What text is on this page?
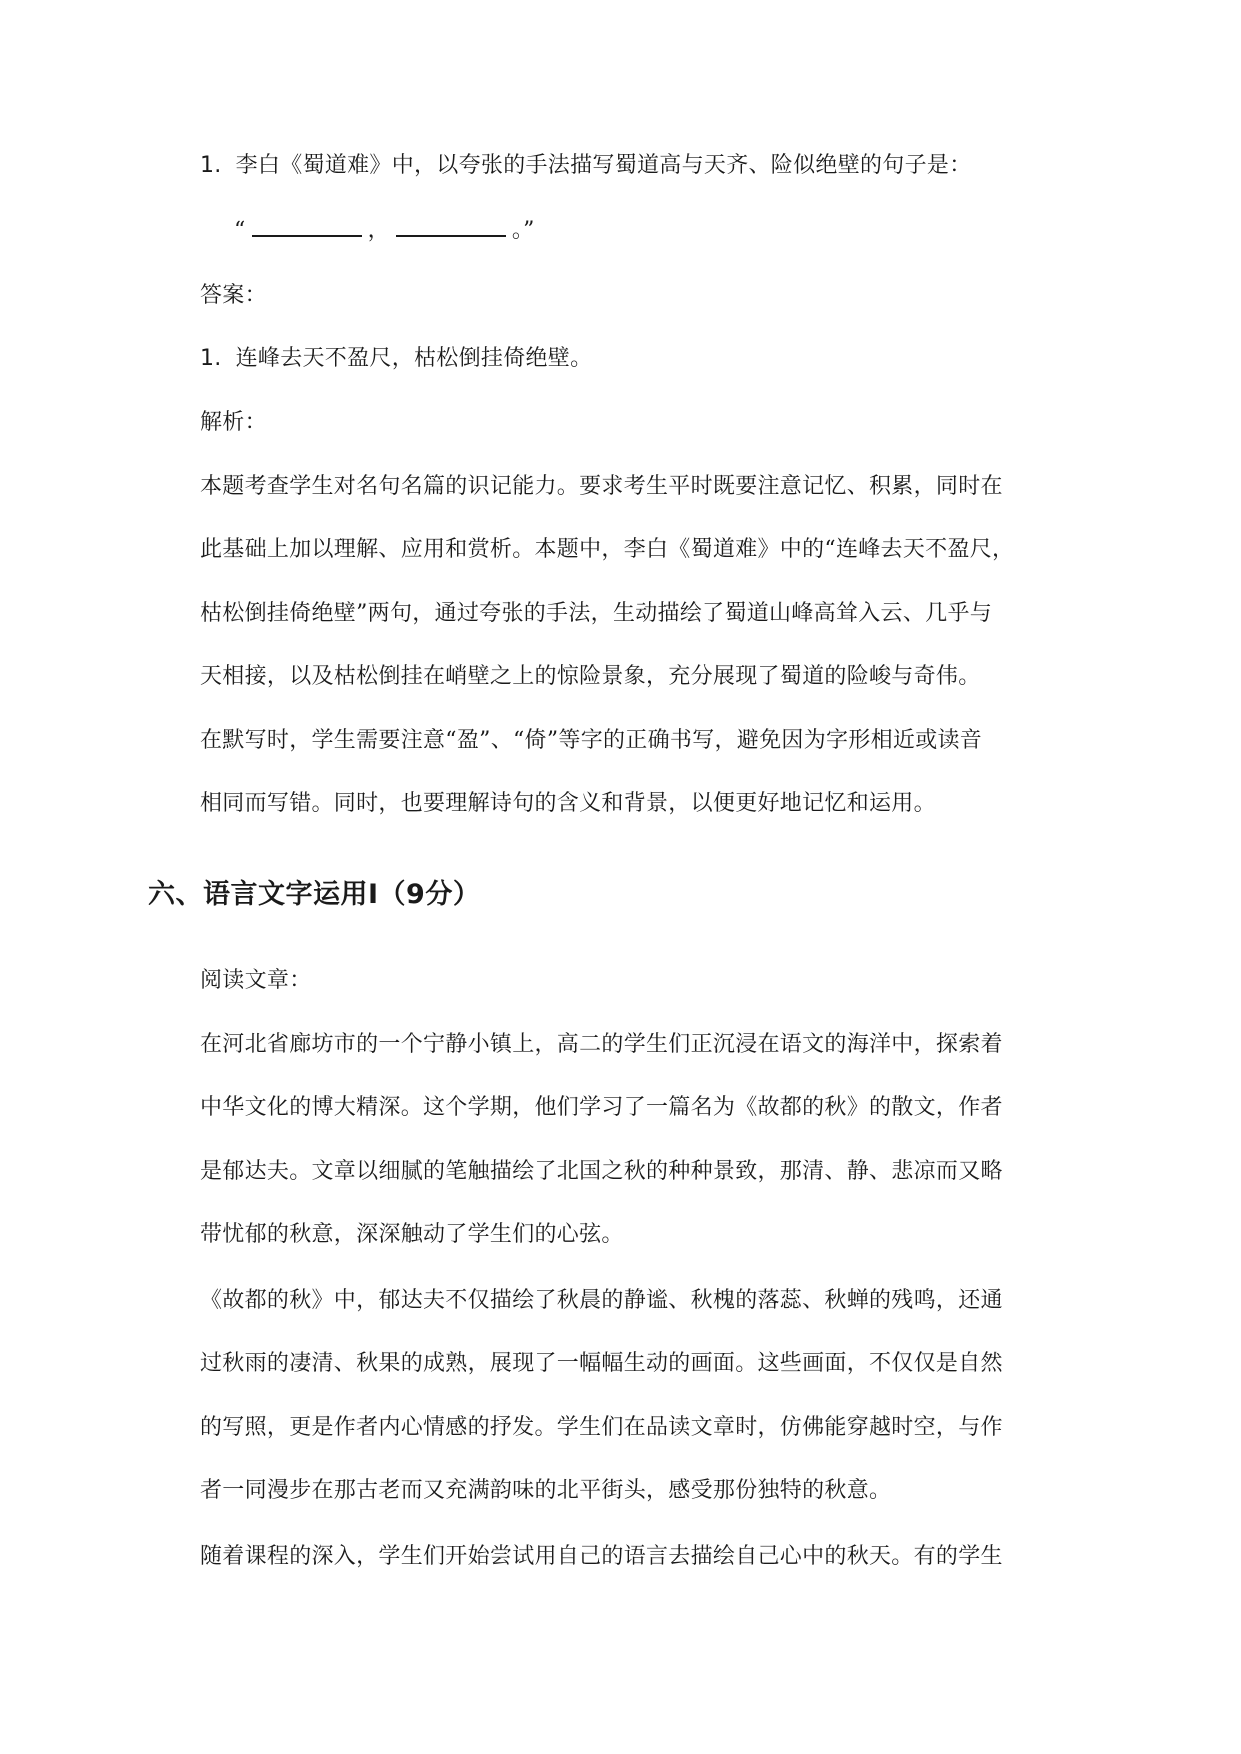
1. 李白《蜀道难》中，以夸张的手法描写蜀道高与天齐、险似绝壁的句子是：
“	，	。”
答案：
1. 连峰去天不盈尺，枯松倒挂倚绝壁。
解析：
本题考查学生对名句名篇的识记能力。要求考生平时既要注意记忆、积累，同时在
此基础上加以理解、应用和赏析。本题中，李白《蜀道难》中的“连峰去天不盈尺，
枯松倒挂倚绝壁”两句，通过夸张的手法，生动描绘了蜀道山峰高耸入云、几乎与
天相接，以及枯松倒挂在峭壁之上的惊险景象，充分展现了蜀道的险峻与奇伟。
在默写时，学生需要注意“盈”、“倚”等字的正确书写，避免因为字形相近或读音
相同而写错。同时，也要理解诗句的含义和背景，以便更好地记忆和运用。
六、语言文字运用Ⅰ（9分）
阅读文章：
在河北省廊坊市的一个宁静小镇上，高二的学生们正沉浸在语文的海洋中，探索着
中华文化的博大精深。这个学期，他们学习了一篇名为《故都的秋》的散文，作者
是郁达夫。文章以细腻的笔触描绘了北国之秋的种种景致，那清、静、悲凉而又略
带忧郁的秋意，深深触动了学生们的心弦。
《故都的秋》中，郁达夫不仅描绘了秋晨的静谧、秋槐的落蕊、秋蝉的残鸣，还通
过秋雨的凄清、秋果的成熟，展现了一幅幅生动的画面。这些画面，不仅仅是自然
的写照，更是作者内心情感的抒发。学生们在品读文章时，仿佛能穿越时空，与作
者一同漫步在那古老而又充满韵味的北平街头，感受那份独特的秋意。
随着课程的深入，学生们开始尝试用自己的语言去描绘自己心中的秋天。有的学生
